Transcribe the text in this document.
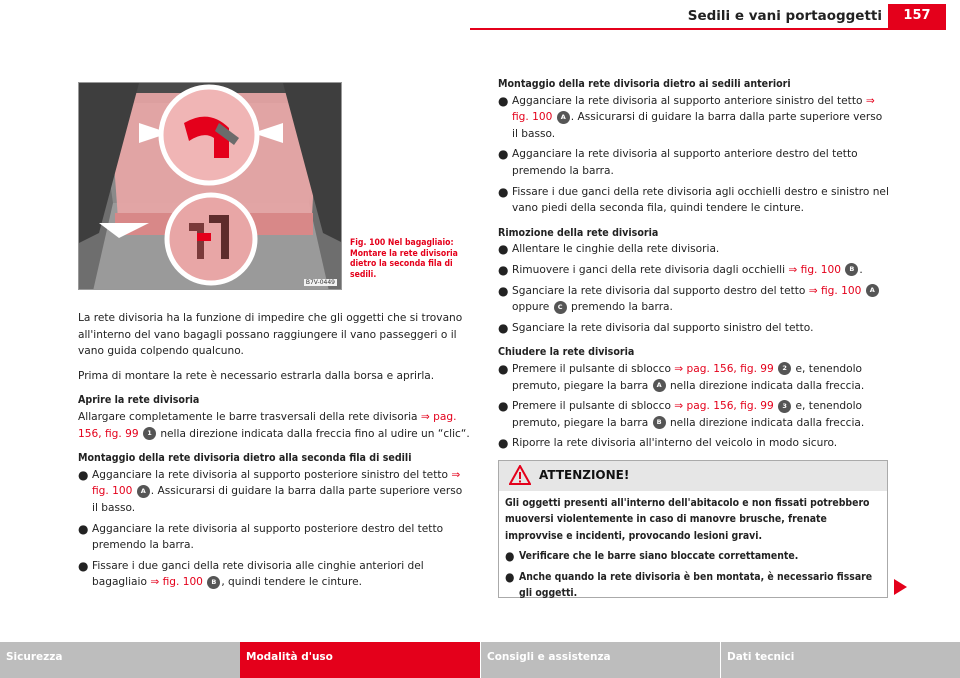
Sedili e vani portaoggetti	157
B7V-0449
Fig. 100 Nel bagagliaio: Montare la rete divisoria dietro la seconda fila di sedili.

La rete divisoria ha la funzione di impedire che gli oggetti che si trovano all'interno del vano bagagli possano raggiungere il vano passeggeri o il vano guida colpendo qualcuno.

Prima di montare la rete è necessario estrarla dalla borsa e aprirla.

Aprire la rete divisoria

Allargare completamente le barre trasversali della rete divisoria ⇒ pag. 156, fig. 99 1 nella direzione indicata dalla freccia fino al udire un “clic“.

Montaggio della rete divisoria dietro alla seconda fila di sedili

● Agganciare la rete divisoria al supporto posteriore sinistro del tetto ⇒ fig. 100 A . Assicurarsi di guidare la barra dalla parte superiore verso il basso.
● Agganciare la rete divisoria al supporto posteriore destro del tetto premendo la barra.
● Fissare i due ganci della rete divisoria alle cinghie anteriori del bagagliaio ⇒ fig. 100 B , quindi tendere le cinture.

Montaggio della rete divisoria dietro ai sedili anteriori

● Agganciare la rete divisoria al supporto anteriore sinistro del tetto ⇒ fig. 100 A . Assicurarsi di guidare la barra dalla parte superiore verso il basso.
● Agganciare la rete divisoria al supporto anteriore destro del tetto premendo la barra.
● Fissare i due ganci della rete divisoria agli occhielli destro e sinistro nel vano piedi della seconda fila, quindi tendere le cinture.

Rimozione della rete divisoria

● Allentare le cinghie della rete divisoria.
● Rimuovere i ganci della rete divisoria dagli occhielli ⇒ fig. 100 B .
● Sganciare la rete divisoria dal supporto destro del tetto ⇒ fig. 100 A oppure C premendo la barra.
● Sganciare la rete divisoria dal supporto sinistro del tetto.

Chiudere la rete divisoria

● Premere il pulsante di sblocco ⇒ pag. 156, fig. 99 2 e, tenendolo premuto, piegare la barra A nella direzione indicata dalla freccia.
● Premere il pulsante di sblocco ⇒ pag. 156, fig. 99 3 e, tenendolo premuto, piegare la barra B nella direzione indicata dalla freccia.
● Riporre la rete divisoria all'interno del veicolo in modo sicuro.
ATTENZIONE!

Gli oggetti presenti all'interno dell'abitacolo e non fissati potrebbero muoversi violentemente in caso di manovre brusche, frenate improvvise e incidenti, provocando lesioni gravi.

● Verificare che le barre siano bloccate correttamente.
● Anche quando la rete divisoria è ben montata, è necessario fissare gli oggetti.
Sicurezza	Modalità d'uso	Consigli e assistenza	Dati tecnici
